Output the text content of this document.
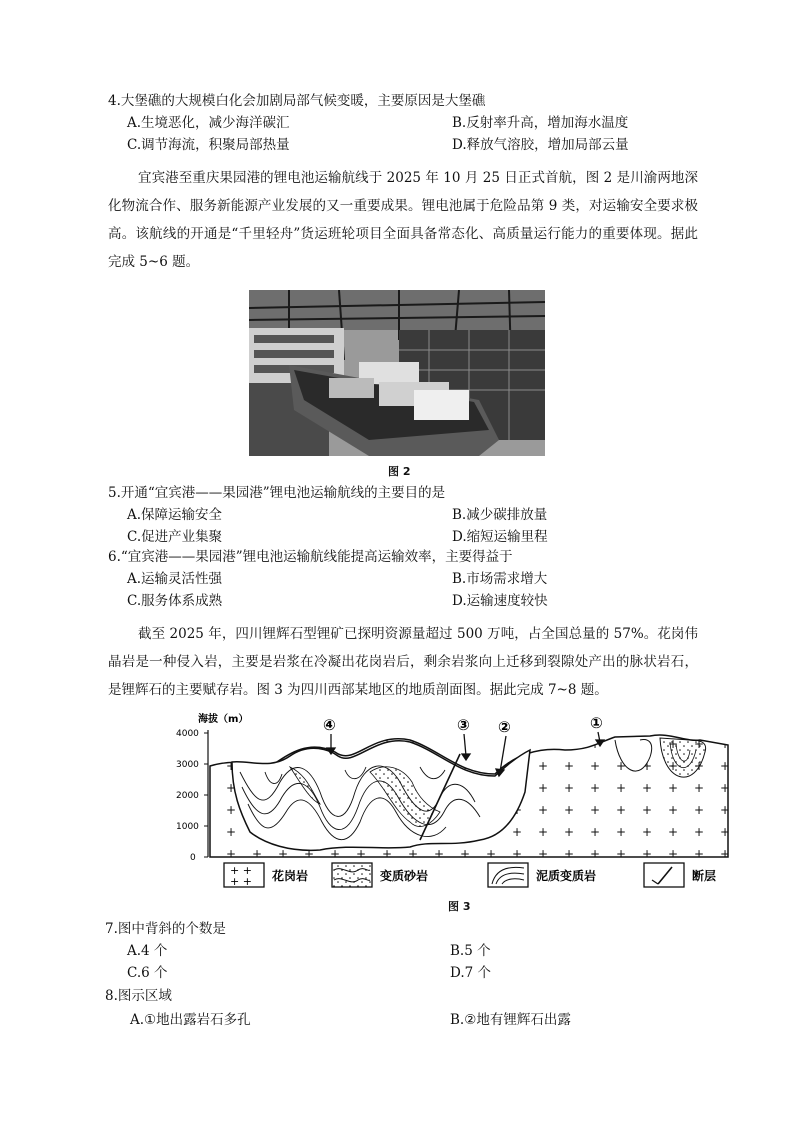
4.大堡礁的大规模白化会加剧局部气候变暖，主要原因是大堡礁
A.生境恶化，减少海洋碳汇	B.反射率升高，增加海水温度
C.调节海流，积聚局部热量	D.释放气溶胶，增加局部云量
宜宾港至重庆果园港的锂电池运输航线于 2025 年 10 月 25 日正式首航，图 2 是川渝两地深化物流合作、服务新能源产业发展的又一重要成果。锂电池属于危险品第 9 类，对运输安全要求极高。该航线的开通是“千里轻舟”货运班轮项目全面具备常态化、高质量运行能力的重要体现。据此完成 5~6 题。
图 2
5.开通“宜宾港——果园港”锂电池运输航线的主要目的是
A.保障运输安全	B.减少碳排放量
C.促进产业集聚	D.缩短运输里程
6.“宜宾港——果园港”锂电池运输航线能提高运输效率，主要得益于
A.运输灵活性强	B.市场需求增大
C.服务体系成熟	D.运输速度较快
截至 2025 年，四川锂辉石型锂矿已探明资源量超过 500 万吨，占全国总量的 57%。花岗伟晶岩是一种侵入岩，主要是岩浆在冷凝出花岗岩后，剩余岩浆向上迁移到裂隙处产出的脉状岩石，是锂辉石的主要赋存岩。图 3 为四川西部某地区的地质剖面图。据此完成 7~8 题。
海拔（m）
4000
3000
2000
1000
0
④	③ ②	①
+ +
+ + 花岗岩	变质砂岩	泥质变质岩	断层
图 3
7.图中背斜的个数是
A.4 个	B.5 个
C.6 个	D.7 个
8.图示区域
A.①地出露岩石多孔	B.②地有锂辉石出露
